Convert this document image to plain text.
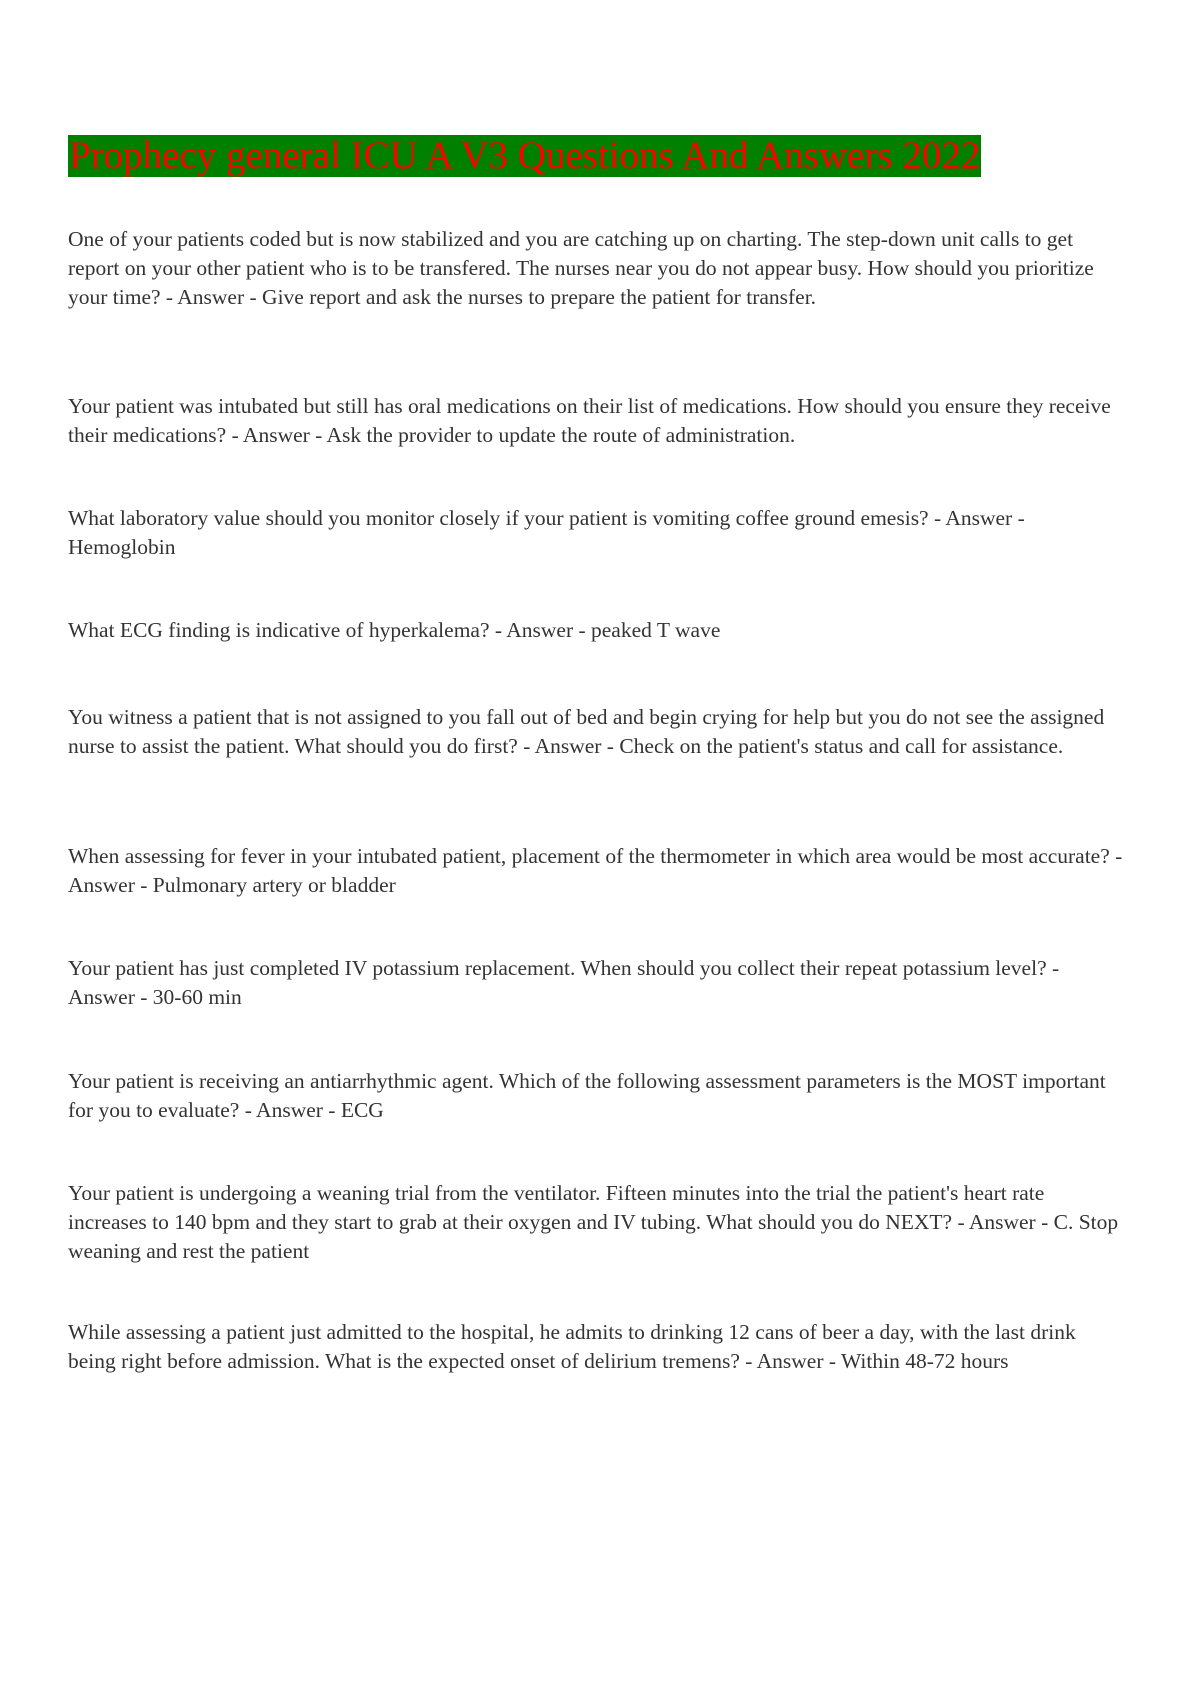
Prophecy general ICU A V3 Questions And Answers 2022

One of your patients coded but is now stabilized and you are catching up on charting. The step-down unit calls to get report on your other patient who is to be transfered. The nurses near you do not appear busy. How should you prioritize your time? - Answer - Give report and ask the nurses to prepare the patient for transfer.

Your patient was intubated but still has oral medications on their list of medications. How should you ensure they receive their medications? - Answer - Ask the provider to update the route of administration.

What laboratory value should you monitor closely if your patient is vomiting coffee ground emesis? - Answer - Hemoglobin

What ECG finding is indicative of hyperkalema? - Answer - peaked T wave

You witness a patient that is not assigned to you fall out of bed and begin crying for help but you do not see the assigned nurse to assist the patient. What should you do first? - Answer - Check on the patient's status and call for assistance.

When assessing for fever in your intubated patient, placement of the thermometer in which area would be most accurate? - Answer - Pulmonary artery or bladder

Your patient has just completed IV potassium replacement. When should you collect their repeat potassium level? - Answer - 30-60 min

Your patient is receiving an antiarrhythmic agent. Which of the following assessment parameters is the MOST important for you to evaluate? - Answer - ECG

Your patient is undergoing a weaning trial from the ventilator. Fifteen minutes into the trial the patient's heart rate increases to 140 bpm and they start to grab at their oxygen and IV tubing. What should you do NEXT? - Answer - C. Stop weaning and rest the patient

While assessing a patient just admitted to the hospital, he admits to drinking 12 cans of beer a day, with the last drink being right before admission. What is the expected onset of delirium tremens? - Answer - Within 48-72 hours
